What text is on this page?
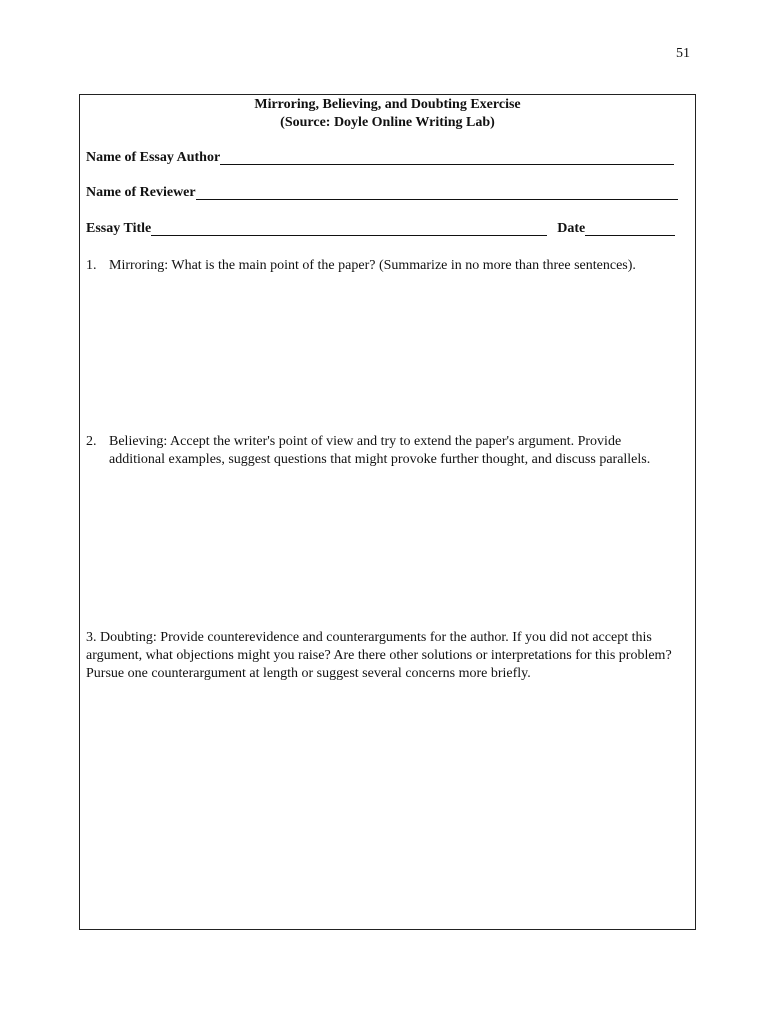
51
Mirroring, Believing, and Doubting Exercise
(Source: Doyle Online Writing Lab)
Name of Essay Author
Name of Reviewer
Essay Title	Date
1. Mirroring: What is the main point of the paper? (Summarize in no more than three sentences).
2. Believing: Accept the writer's point of view and try to extend the paper's argument. Provide additional examples, suggest questions that might provoke further thought, and discuss parallels.
3. Doubting: Provide counterevidence and counterarguments for the author. If you did not accept this argument, what objections might you raise? Are there other solutions or interpretations for this problem? Pursue one counterargument at length or suggest several concerns more briefly.
